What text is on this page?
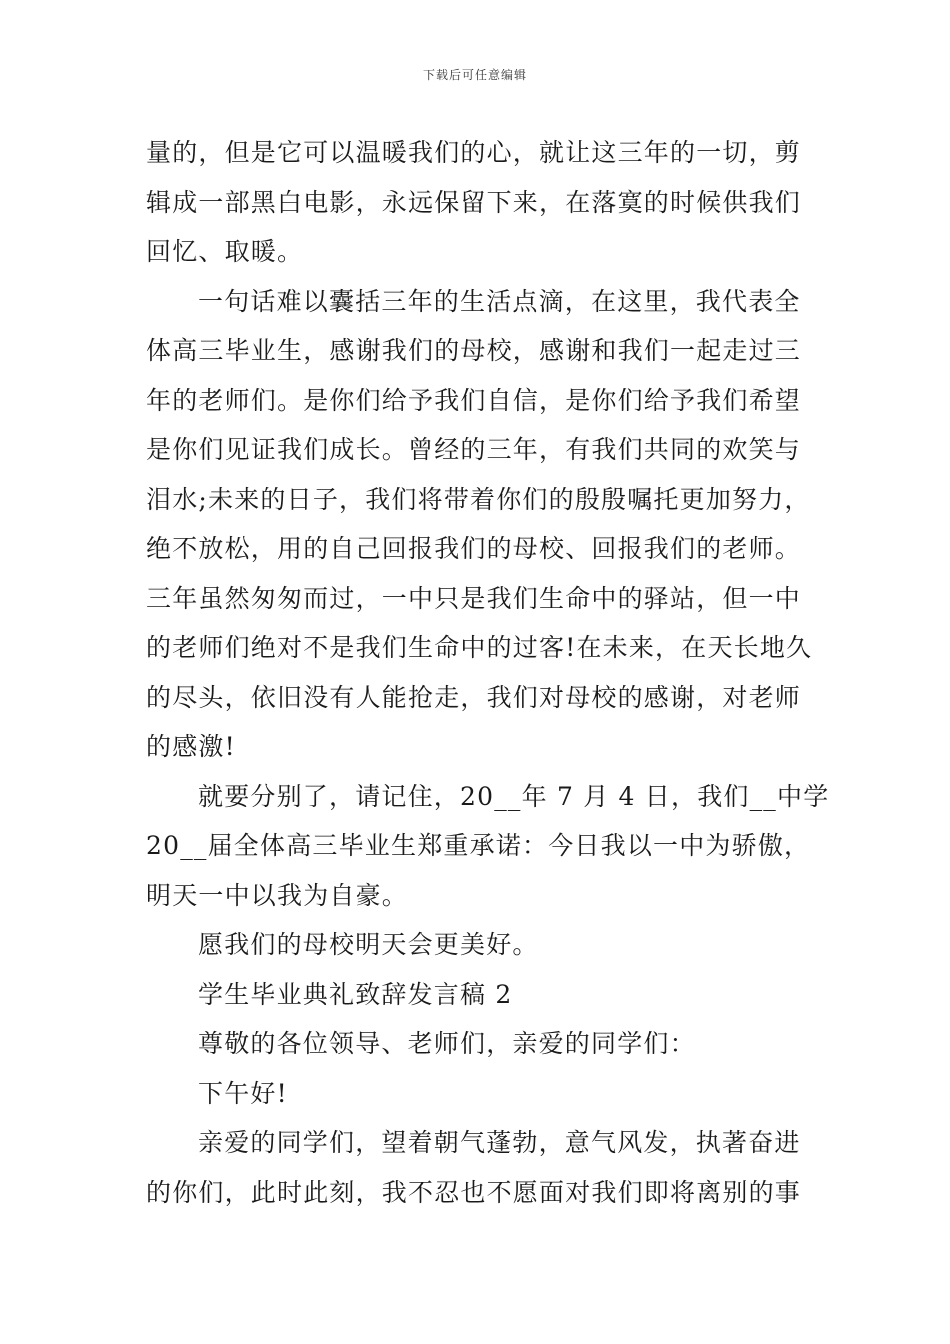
下载后可任意编辑
量的，但是它可以温暖我们的心，就让这三年的一切，剪
辑成一部黑白电影，永远保留下来，在落寞的时候供我们
回忆、取暖。
一句话难以囊括三年的生活点滴，在这里，我代表全
体高三毕业生，感谢我们的母校，感谢和我们一起走过三
年的老师们。是你们给予我们自信，是你们给予我们希望
是你们见证我们成长。曾经的三年，有我们共同的欢笑与
泪水;未来的日子，我们将带着你们的殷殷嘱托更加努力，
绝不放松，用的自己回报我们的母校、回报我们的老师。
三年虽然匆匆而过，一中只是我们生命中的驿站，但一中
的老师们绝对不是我们生命中的过客!在未来，在天长地久
的尽头，依旧没有人能抢走，我们对母校的感谢，对老师
的感激!
就要分别了，请记住，20__年 7 月 4 日，我们__中学
20__届全体高三毕业生郑重承诺：今日我以一中为骄傲，
明天一中以我为自豪。
愿我们的母校明天会更美好。
学生毕业典礼致辞发言稿 2
尊敬的各位领导、老师们，亲爱的同学们：
下午好!
亲爱的同学们，望着朝气蓬勃，意气风发，执著奋进
的你们，此时此刻，我不忍也不愿面对我们即将离别的事
